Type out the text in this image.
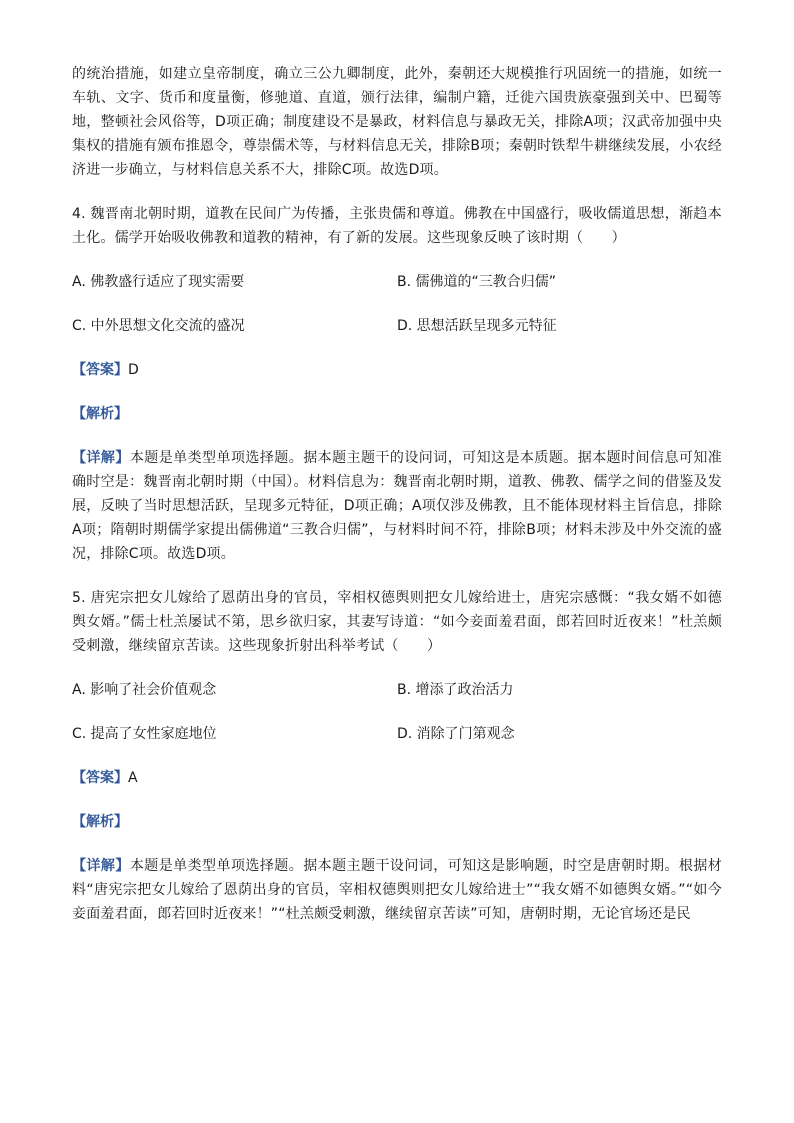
的统治措施，如建立皇帝制度，确立三公九卿制度，此外，秦朝还大规模推行巩固统一的措施，如统一车轨、文字、货币和度量衡，修驰道、直道，颁行法律，编制户籍，迁徙六国贵族豪强到关中、巴蜀等地，整顿社会风俗等，D项正确；制度建设不是暴政，材料信息与暴政无关，排除A项；汉武帝加强中央集权的措施有颁布推恩令，尊崇儒术等，与材料信息无关，排除B项；秦朝时铁犁牛耕继续发展，小农经济进一步确立，与材料信息关系不大，排除C项。故选D项。

4. 魏晋南北朝时期，道教在民间广为传播，主张贵儒和尊道。佛教在中国盛行，吸收儒道思想，渐趋本土化。儒学开始吸收佛教和道教的精神，有了新的发展。这些现象反映了该时期（　　）

A. 佛教盛行适应了现实需要	B. 儒佛道的“三教合归儒”
C. 中外思想文化交流的盛况	D. 思想活跃呈现多元特征
【答案】D
【解析】

【详解】本题是单类型单项选择题。据本题主题干的设问词，可知这是本质题。据本题时间信息可知准确时空是：魏晋南北朝时期（中国）。材料信息为：魏晋南北朝时期，道教、佛教、儒学之间的借鉴及发展，反映了当时思想活跃，呈现多元特征，D项正确；A项仅涉及佛教，且不能体现材料主旨信息，排除A项；隋朝时期儒学家提出儒佛道“三教合归儒”，与材料时间不符，排除B项；材料未涉及中外交流的盛况，排除C项。故选D项。

5. 唐宪宗把女儿嫁给了恩荫出身的官员，宰相权德舆则把女儿嫁给进士，唐宪宗感慨：“我女婿不如德舆女婿。”儒士杜羔屡试不第，思乡欲归家，其妻写诗道：“如今妾面羞君面，郎若回时近夜来！”杜羔颇受刺激，继续留京苦读。这些现象折射出科举考试（　　）

A. 影响了社会价值观念	B. 增添了政治活力
C. 提高了女性家庭地位	D. 消除了门第观念
【答案】A
【解析】

【详解】本题是单类型单项选择题。据本题主题干设问词，可知这是影响题，时空是唐朝时期。根据材料“唐宪宗把女儿嫁给了恩荫出身的官员，宰相权德舆则把女儿嫁给进士”“我女婿不如德舆女婿。”“如今妾面羞君面，郎若回时近夜来！”“杜羔颇受刺激，继续留京苦读”可知，唐朝时期，无论官场还是民
